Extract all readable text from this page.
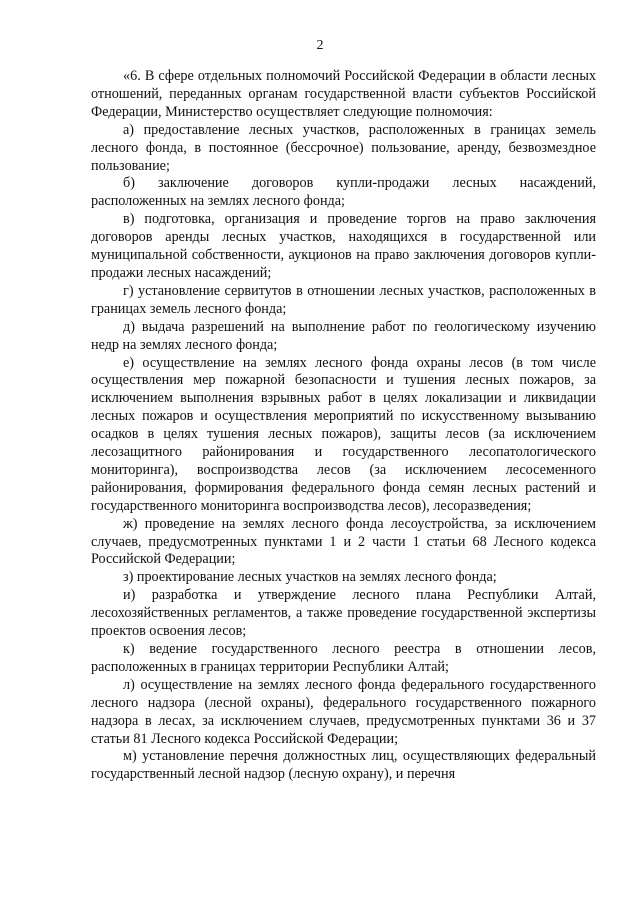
2

«6. В сфере отдельных полномочий Российской Федерации в области лесных отношений, переданных органам государственной власти субъектов Российской Федерации, Министерство осуществляет следующие полномочия:

а) предоставление лесных участков, расположенных в границах земель лесного фонда, в постоянное (бессрочное) пользование, аренду, безвозмездное пользование;

б) заключение договоров купли-продажи лесных насаждений, расположенных на землях лесного фонда;

в) подготовка, организация и проведение торгов на право заключения договоров аренды лесных участков, находящихся в государственной или муниципальной собственности, аукционов на право заключения договоров купли-продажи лесных насаждений;

г) установление сервитутов в отношении лесных участков, расположенных в границах земель лесного фонда;

д) выдача разрешений на выполнение работ по геологическому изучению недр на землях лесного фонда;

е) осуществление на землях лесного фонда охраны лесов (в том числе осуществления мер пожарной безопасности и тушения лесных пожаров, за исключением выполнения взрывных работ в целях локализации и ликвидации лесных пожаров и осуществления мероприятий по искусственному вызыванию осадков в целях тушения лесных пожаров), защиты лесов (за исключением лесозащитного районирования и государственного лесопатологического мониторинга), воспроизводства лесов (за исключением лесосеменного районирования, формирования федерального фонда семян лесных растений и государственного мониторинга воспроизводства лесов), лесоразведения;

ж) проведение на землях лесного фонда лесоустройства, за исключением случаев, предусмотренных пунктами 1 и 2 части 1 статьи 68 Лесного кодекса Российской Федерации;

з) проектирование лесных участков на землях лесного фонда;

и) разработка и утверждение лесного плана Республики Алтай, лесохозяйственных регламентов, а также проведение государственной экспертизы проектов освоения лесов;

к) ведение государственного лесного реестра в отношении лесов, расположенных в границах территории Республики Алтай;

л) осуществление на землях лесного фонда федерального государственного лесного надзора (лесной охраны), федерального государственного пожарного надзора в лесах, за исключением случаев, предусмотренных пунктами 36 и 37 статьи 81 Лесного кодекса Российской Федерации;

м) установление перечня должностных лиц, осуществляющих федеральный государственный лесной надзор (лесную охрану), и перечня
